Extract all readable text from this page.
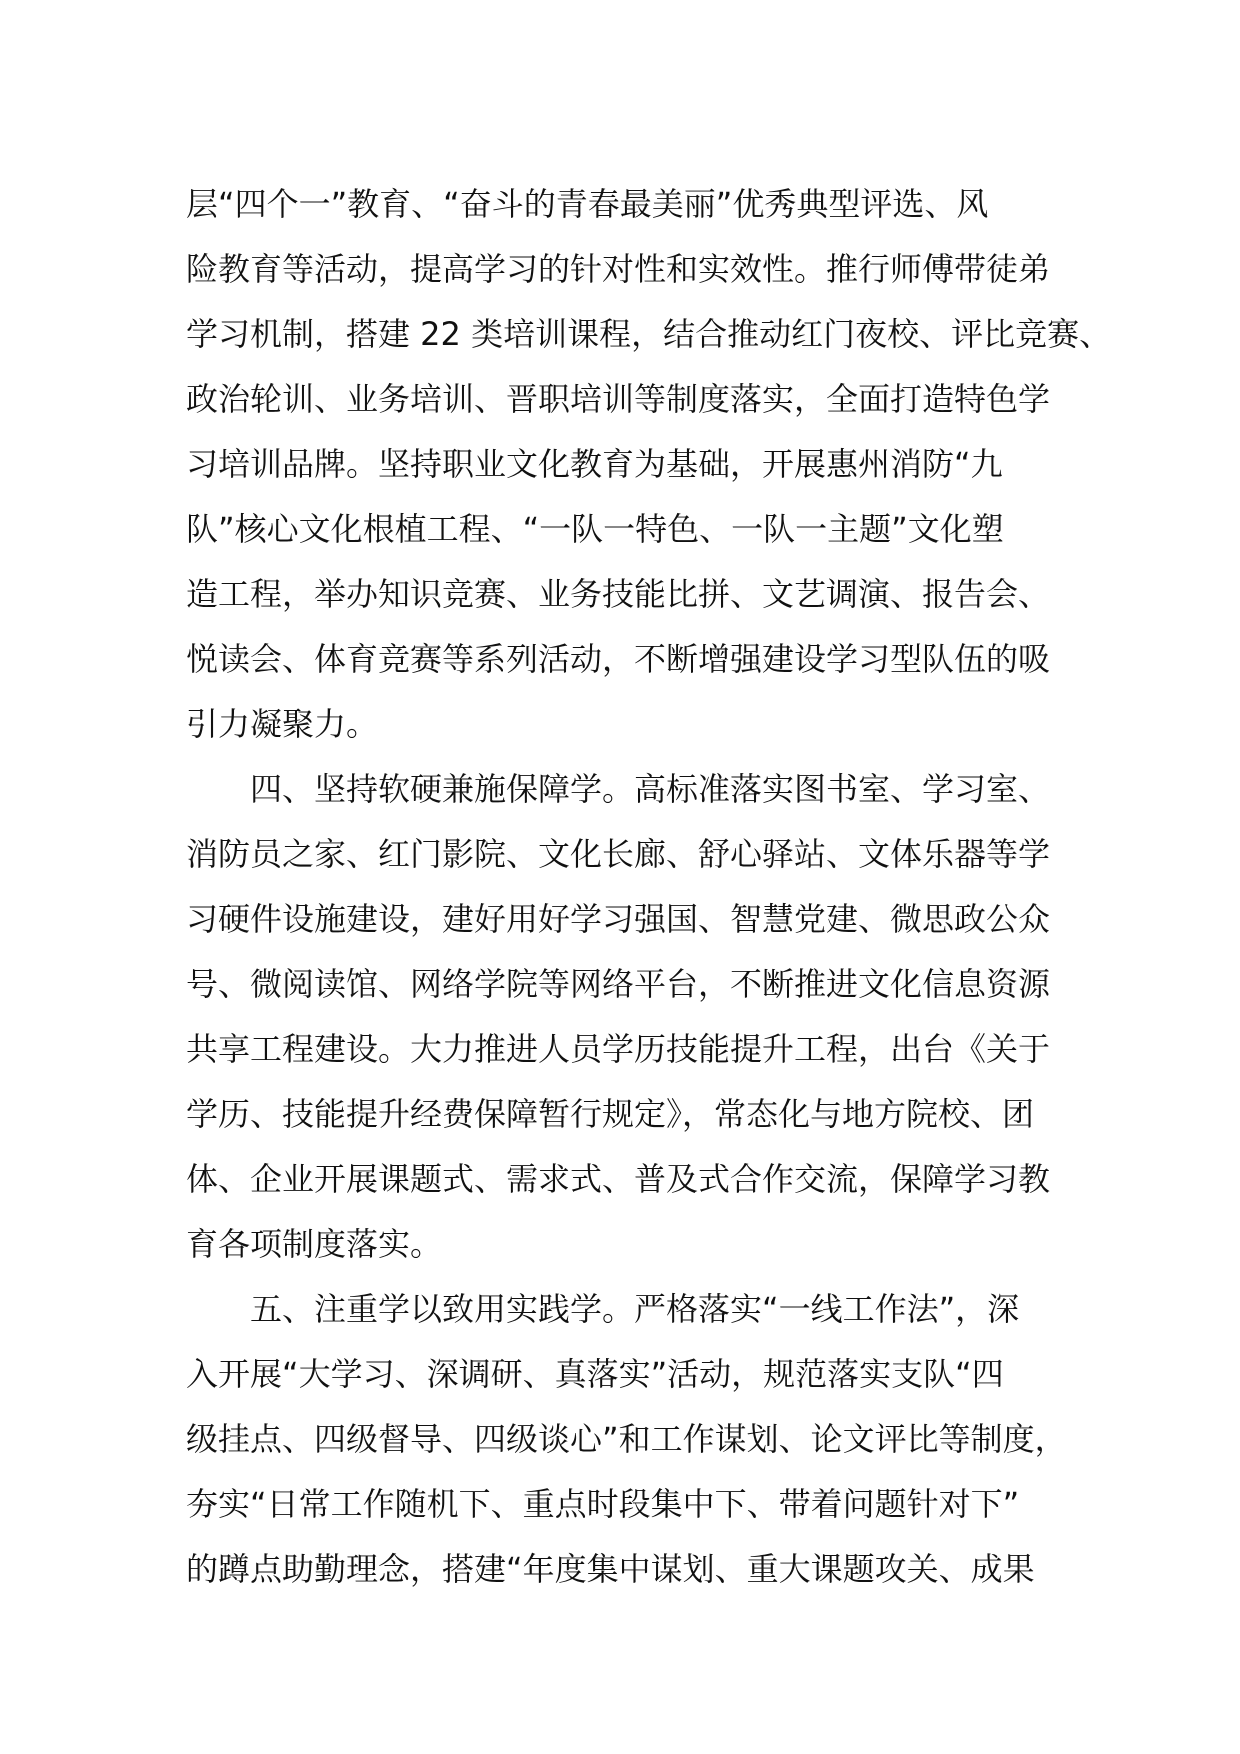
层“四个一”教育、“奋斗的青春最美丽”优秀典型评选、风
险教育等活动，提高学习的针对性和实效性。推行师傅带徒弟
学习机制，搭建 22 类培训课程，结合推动红门夜校、评比竞赛、
政治轮训、业务培训、晋职培训等制度落实，全面打造特色学
习培训品牌。坚持职业文化教育为基础，开展惠州消防“九
队”核心文化根植工程、“一队一特色、一队一主题”文化塑
造工程，举办知识竞赛、业务技能比拼、文艺调演、报告会、
悦读会、体育竞赛等系列活动，不断增强建设学习型队伍的吸
引力凝聚力。
四、坚持软硬兼施保障学。高标准落实图书室、学习室、
消防员之家、红门影院、文化长廊、舒心驿站、文体乐器等学
习硬件设施建设，建好用好学习强国、智慧党建、微思政公众
号、微阅读馆、网络学院等网络平台，不断推进文化信息资源
共享工程建设。大力推进人员学历技能提升工程，出台《关于
学历、技能提升经费保障暂行规定》，常态化与地方院校、团
体、企业开展课题式、需求式、普及式合作交流，保障学习教
育各项制度落实。
五、注重学以致用实践学。严格落实“一线工作法”，深
入开展“大学习、深调研、真落实”活动，规范落实支队“四
级挂点、四级督导、四级谈心”和工作谋划、论文评比等制度，
夯实“日常工作随机下、重点时段集中下、带着问题针对下”
的蹲点助勤理念，搭建“年度集中谋划、重大课题攻关、成果
